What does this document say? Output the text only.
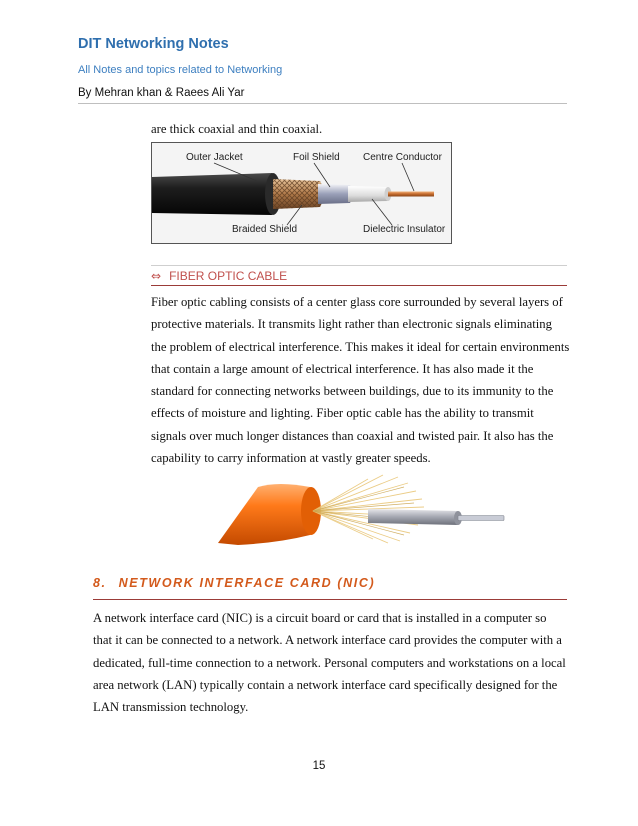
DIT Networking Notes
All Notes and topics related to Networking
By Mehran khan & Raees Ali Yar

are thick coaxial and thin coaxial.

Outer Jacket	Foil Shield Centre Conductor
Braided Shield	Dielectric Insulator
⇔ FIBER OPTIC CABLE

Fiber optic cabling consists of a center glass core surrounded by several layers of
protective materials. It transmits light rather than electronic signals eliminating
the problem of electrical interference. This makes it ideal for certain environments
that contain a large amount of electrical interference. It has also made it the
standard for connecting networks between buildings, due to its immunity to the
effects of moisture and lighting. Fiber optic cable has the ability to transmit
signals over much longer distances than coaxial and twisted pair. It also has the
capability to carry information at vastly greater speeds.

8. NETWORK INTERFACE CARD (NIC)

A network interface card (NIC) is a circuit board or card that is installed in a computer so
that it can be connected to a network. A network interface card provides the computer with a
dedicated, full-time connection to a network. Personal computers and workstations on a local
area network (LAN) typically contain a network interface card specifically designed for the
LAN transmission technology.

15
